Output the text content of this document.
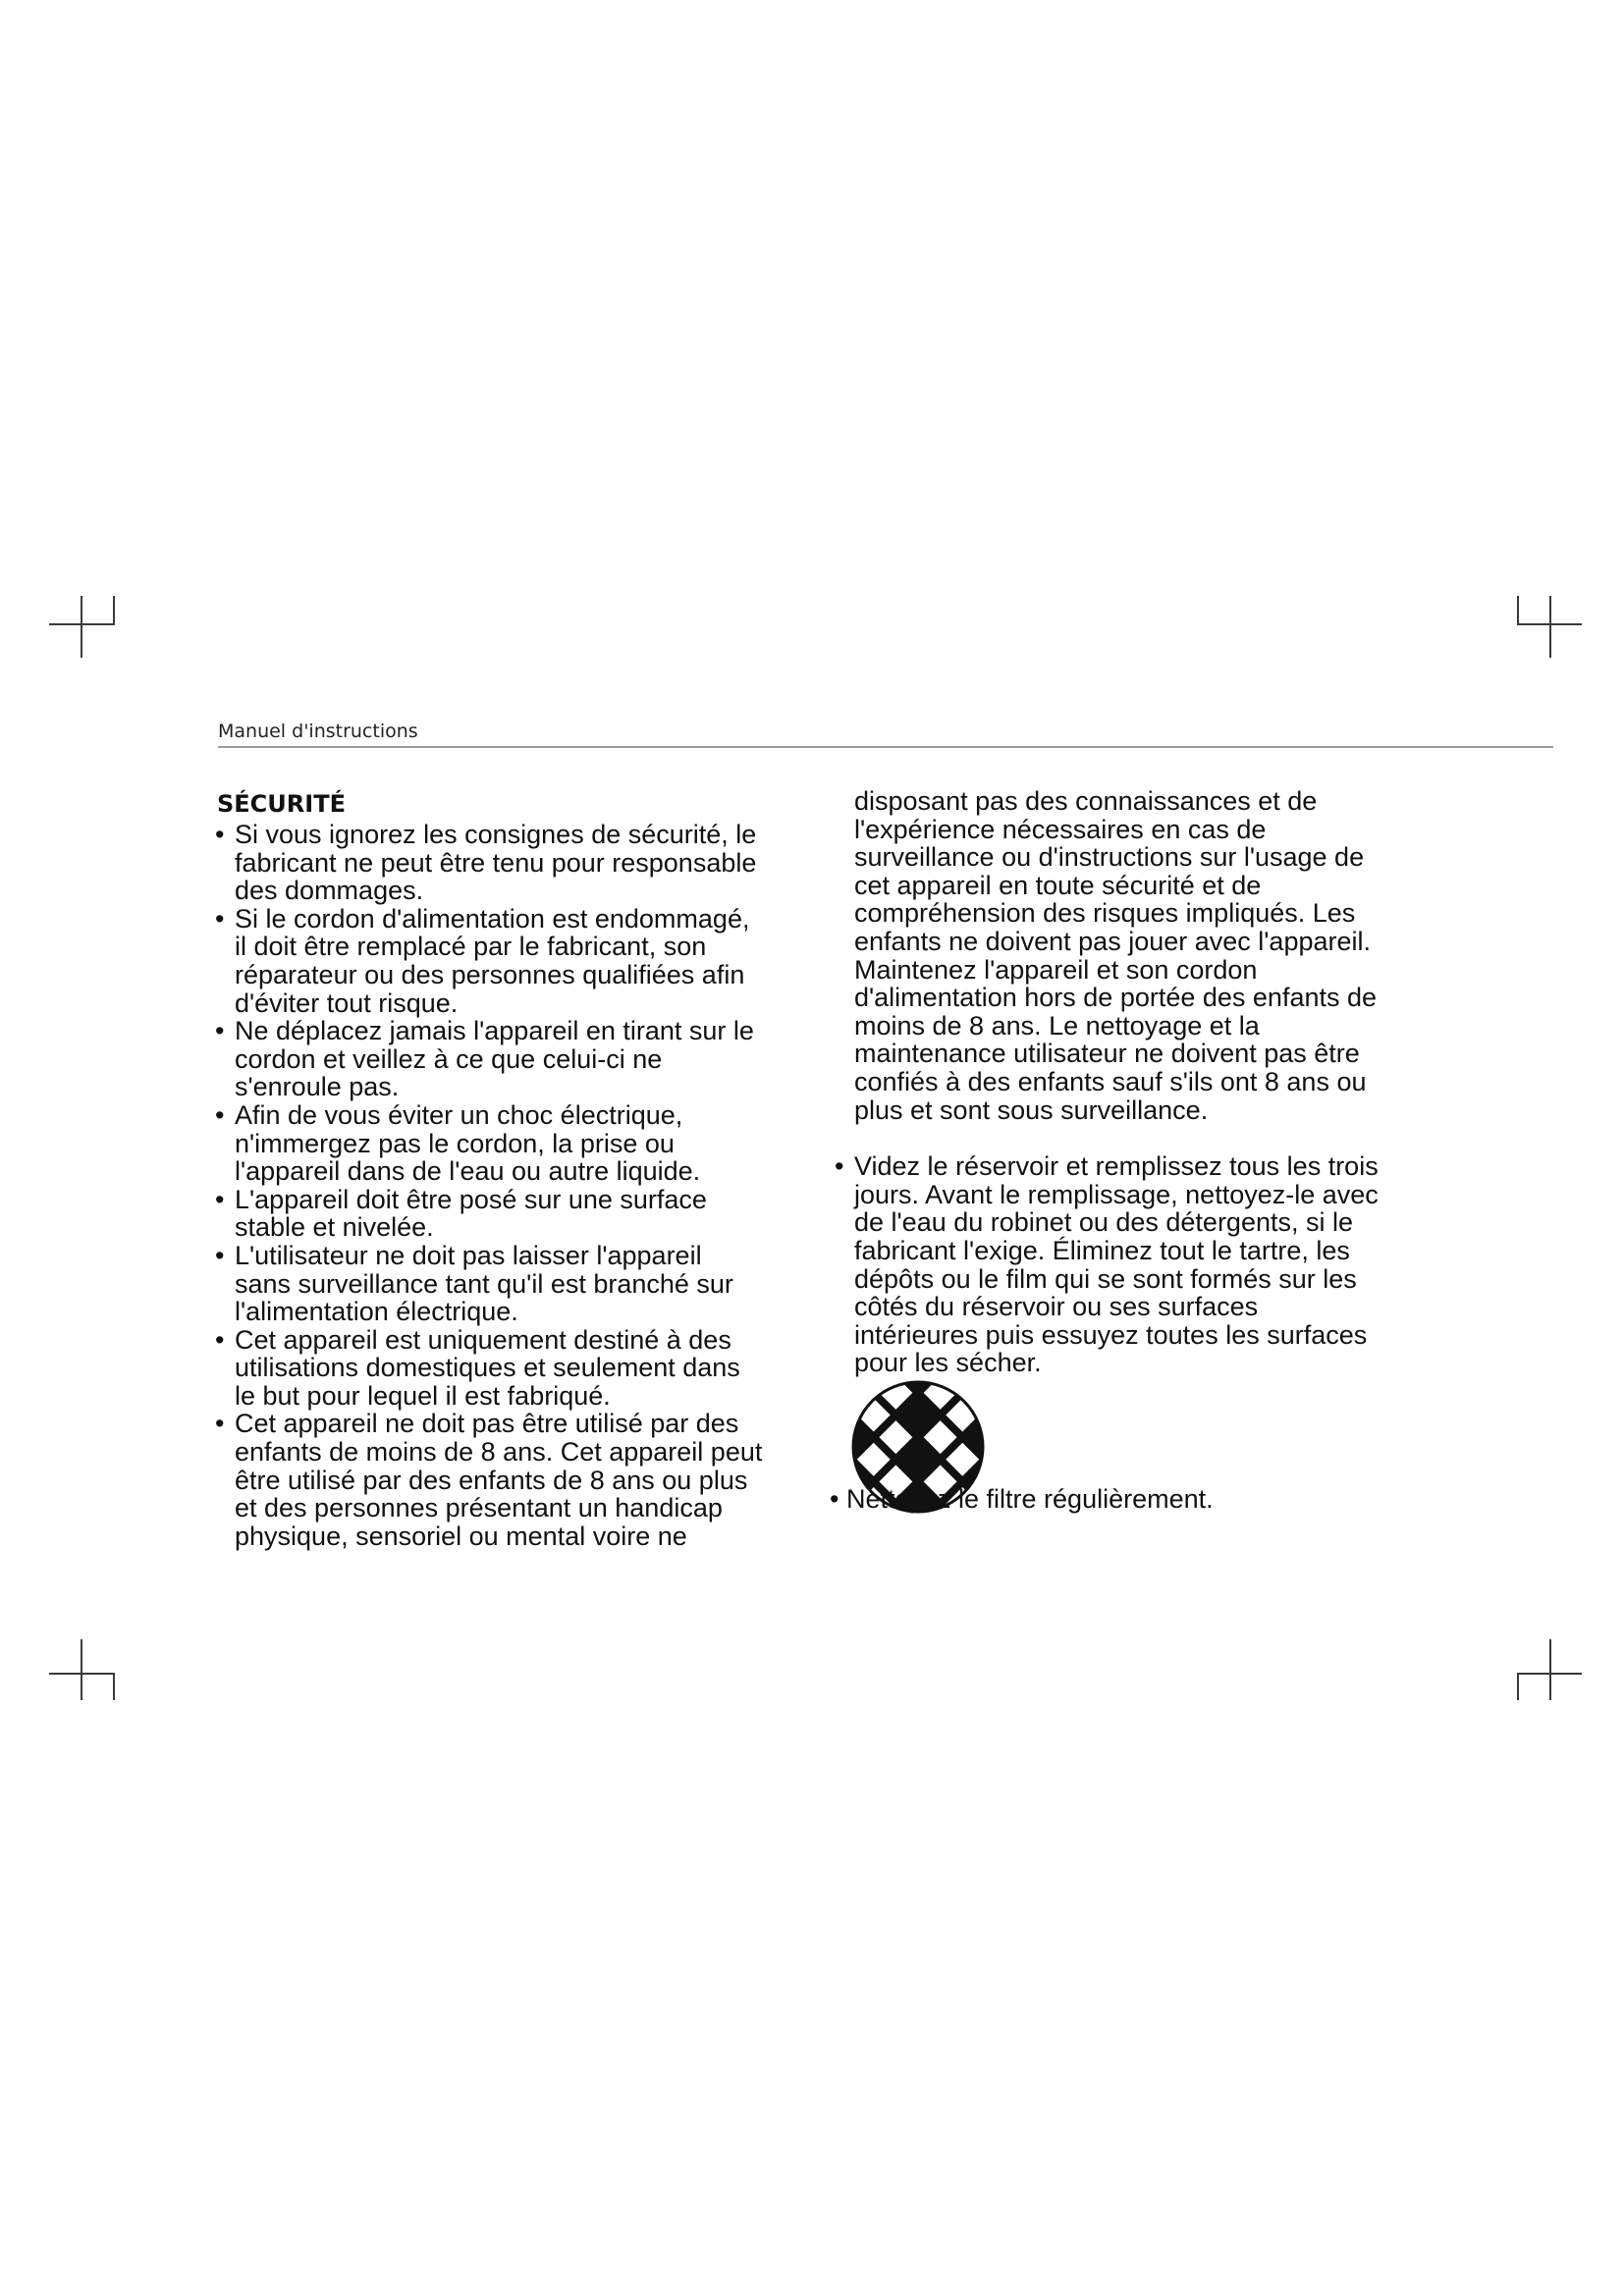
Manuel d'instructions
SÉCURITÉ
• Si vous ignorez les consignes de sécurité, le
fabricant ne peut être tenu pour responsable
des dommages.
• Si le cordon d'alimentation est endommagé,
il doit être remplacé par le fabricant, son
réparateur ou des personnes qualifiées afin
d'éviter tout risque.
• Ne déplacez jamais l'appareil en tirant sur le
cordon et veillez à ce que celui-ci ne
s'enroule pas.
• Afin de vous éviter un choc électrique,
n'immergez pas le cordon, la prise ou
l'appareil dans de l'eau ou autre liquide.
• L'appareil doit être posé sur une surface
stable et nivelée.
• L'utilisateur ne doit pas laisser l'appareil
sans surveillance tant qu'il est branché sur
l'alimentation électrique.
• Cet appareil est uniquement destiné à des
utilisations domestiques et seulement dans
le but pour lequel il est fabriqué.
• Cet appareil ne doit pas être utilisé par des
enfants de moins de 8 ans. Cet appareil peut
être utilisé par des enfants de 8 ans ou plus
et des personnes présentant un handicap
physique, sensoriel ou mental voire ne
disposant pas des connaissances et de
l'expérience nécessaires en cas de
surveillance ou d'instructions sur l'usage de
cet appareil en toute sécurité et de
compréhension des risques impliqués. Les
enfants ne doivent pas jouer avec l'appareil.
Maintenez l'appareil et son cordon
d'alimentation hors de portée des enfants de
moins de 8 ans. Le nettoyage et la
maintenance utilisateur ne doivent pas être
confiés à des enfants sauf s'ils ont 8 ans ou
plus et sont sous surveillance.
• Videz le réservoir et remplissez tous les trois
jours. Avant le remplissage, nettoyez-le avec
de l'eau du robinet ou des détergents, si le
fabricant l'exige. Éliminez tout le tartre, les
dépôts ou le film qui se sont formés sur les
côtés du réservoir ou ses surfaces
intérieures puis essuyez toutes les surfaces
pour les sécher.
• Nettoyez le filtre régulièrement.
